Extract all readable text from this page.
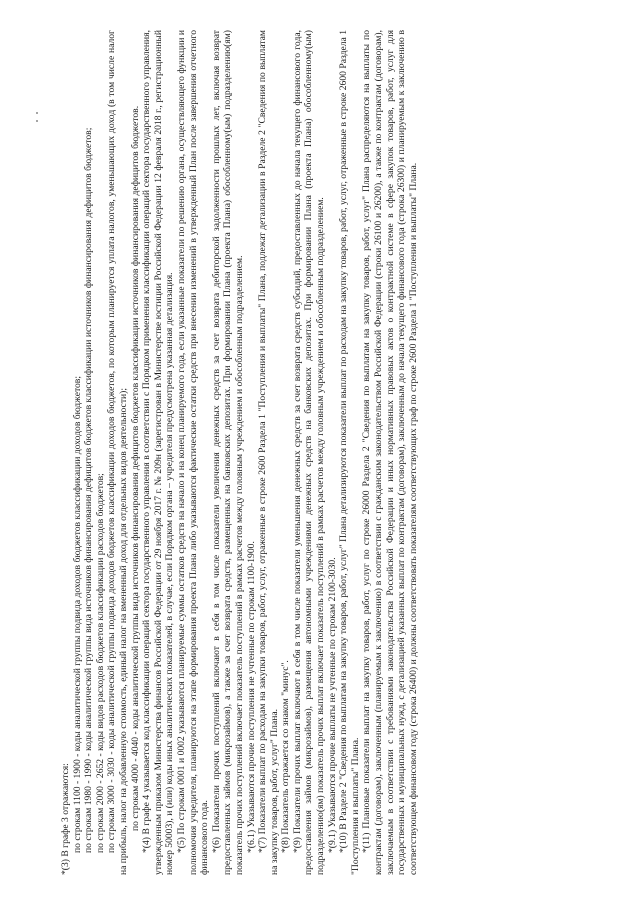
*(3) В графе 3 отражаются: по строкам 1100 - 1900 - коды аналитической группы подвида доходов бюджетов классификации доходов бюджетов; по строкам 1980 - 1990 - коды аналитической группы вида источников финансирования дефицитов бюджетов классификации источников финансирования дефицитов бюджетов; по строкам 2000 - 2652 - коды видов расходов бюджетов классификации расходов бюджетов; по строкам 3000 - 3030 - коды аналитической группы подвида доходов бюджетов классификации доходов бюджетов, по которым планируется уплата налогов, уменьшающих доход (в том числе налог на прибыль, налог на добавленную стоимость, единый налог на вмененный доход для отдельных видов деятельности); по строкам 4000 - 4040 - коды аналитической группы вида источников финансирования дефицитов бюджетов классификации источников финансирования дефицитов бюджетов. *(4) В графе 4 указывается код классификации операций сектора государственного управления в соответствии с Порядком применения классификации операций сектора государственного управления, утвержденным приказом Министерства финансов Российской Федерации от 29 ноября 2017 г. № 209н (зарегистрован в Министерстве юстиции Российской Федерации 12 февраля 2018 г., регистрационный номер 50003), и (или) коды иных аналитических показателей, в случае, если Порядком органа – учредителя предусмотрена указанная детализация. *(5) По строкам 0001 и 0002 указываются планируемые суммы остатков средств на начало и на конец планируемого года, если указанные показатели по решению органа, осуществляющего функции и полномочия учредителя, планируются на этапе формирования проекта Плана либо указываются фактические остатки средств при внесении изменений в утвержденный План после завершения отчетного финансового года. *(6) Показатели прочих поступлений включают в себя в том числе показатели увеличения денежных средств за счет возврата дебиторской задолженности прошлых лет, включая возврат предоставленных займов (микрозаймов), а также за счет возврата средств, размещенных на банковских депозитах. При формировании Плана (проекта Плана) обособленному(ым) подразделению(ям) показатель прочих поступлений включает показатель поступлений в рамках расчетов между головным учреждением и обособленным подразделением. *(6.1) Указываются прочие поступления не учтенные по строкам 1100-1900. *(7) Показатели выплат по расходам на закупки товаров, работ, услуг, отраженные в строке 2600 Раздела 1 "Поступления и выплаты" Плана, подлежат детализации в Разделе 2 "Сведения по выплатам на закупку товаров, работ, услуг" Плана. *(8) Показатель отражается со знаком "минус". *(9) Показатели прочих выплат включают в себя в том числе показатели уменьшения денежных средств за счет возврата средств субсидий, предоставленных до начала текущего финансового года, предоставления займов (микрозаймов), размещения автономными учреждениями денежных средств на банковских депозитах. При формировании Плана (проекта Плана) обособленному(ым) подразделению(ям) показатель прочих выплат включает показатель поступлений в рамках расчетов между головным учреждением и обособленным подразделением. *(9.1) Указываются прочие выплаты не учтенные по строкам 2100-3030. *(10) В Разделе 2 "Сведения по выплатам на закупку товаров, работ, услуг" Плана детализируются показатели выплат по расходам на закупку товаров, работ, услуг, отраженные в строке 2600 Раздела 1 "Поступления и выплаты" Плана. *(11) Плановые показатели выплат на закупку товаров, работ, услуг по строке 26000 Раздела 2 "Сведения по выплатам на закупку товаров, работ, услуг" Плана распределяются на выплаты по контрактам (договорам), заключенным (планируемым к заключению) в соответствии с гражданским законодательством Российской Федерации (строки 26100 и 26200), а также по контрактам (договорам), заключаемым в соответствии с требованиями законодательства Российской Федерации и иных нормативных правовых актов о контрактной системе в сфере закупок товаров, работ, услуг для государственных и муниципальных нужд, с детализацией указанных выплат по контрактам (договорам), заключенным до начала текущего финансового года (строка 26300) и планируемым к заключению в соответствующем финансовом году (строка 26400) и должны соответствовать показателям соответствующих граф по строке 2600 Раздела 1 "Поступления и выплаты" Плана.
